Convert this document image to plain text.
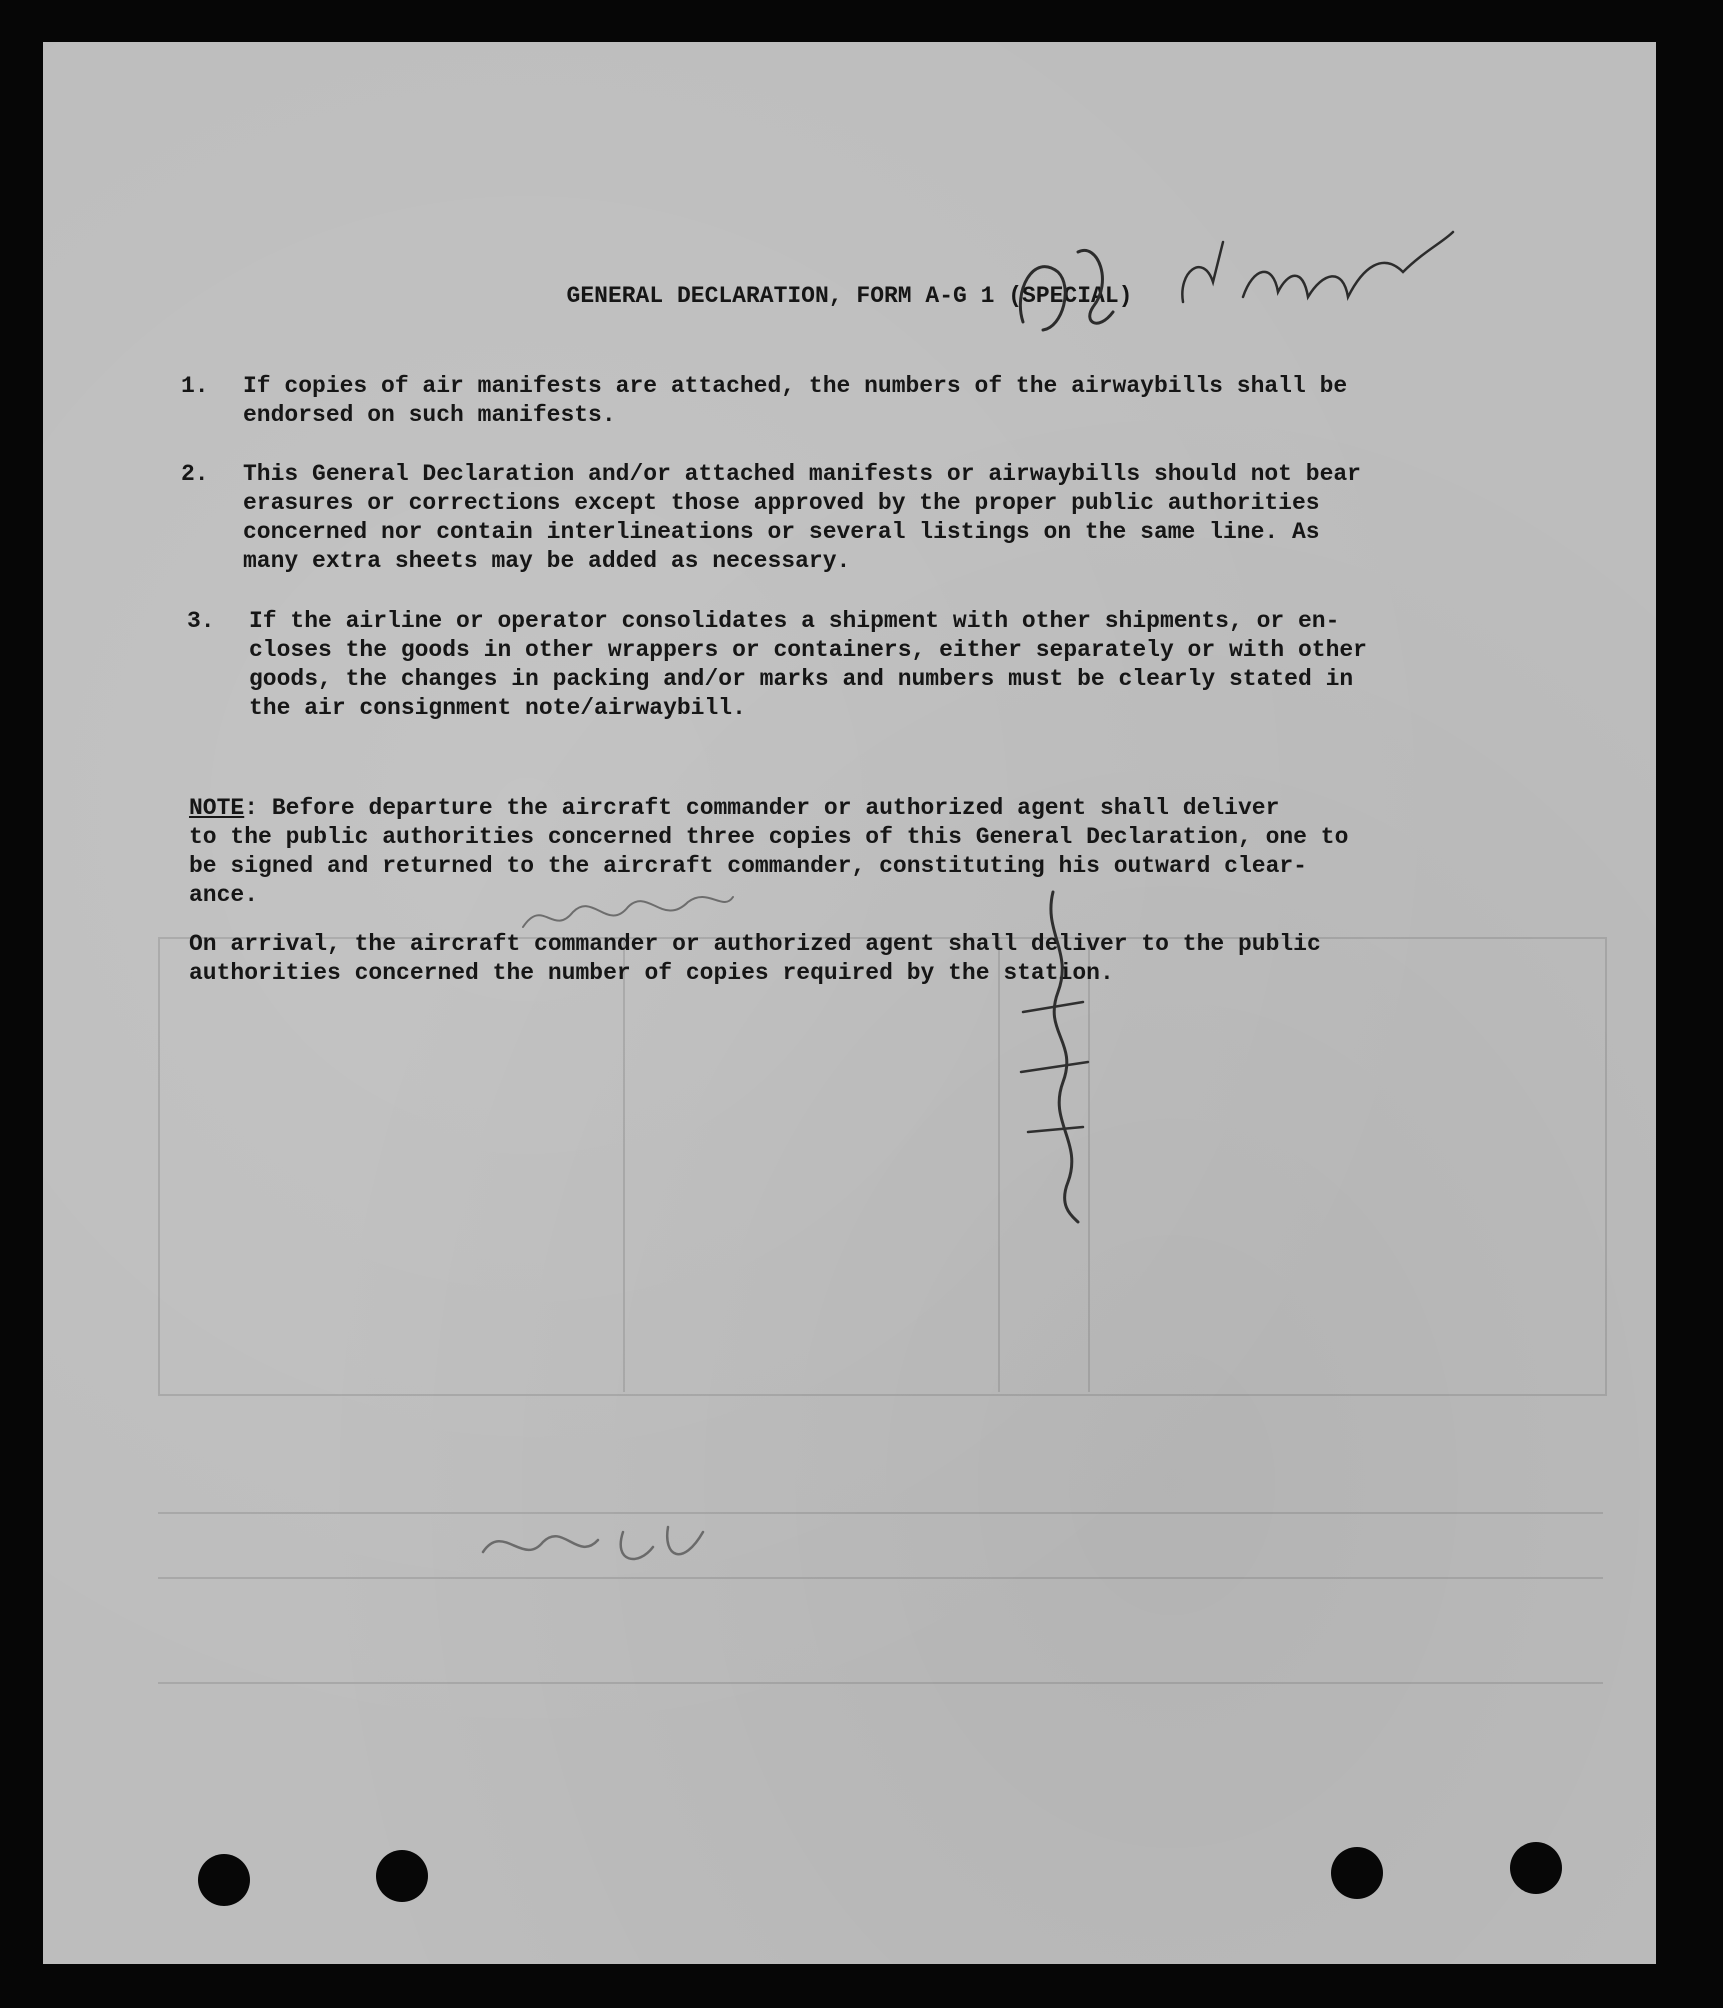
GENERAL DECLARATION, FORM A-G 1 (SPECIAL)

1. If copies of air manifests are attached, the numbers of the airwaybills shall be
endorsed on such manifests.
2. This General Declaration and/or attached manifests or airwaybills should not bear
erasures or corrections except those approved by the proper public authorities
concerned nor contain interlineations or several listings on the same line. As
many extra sheets may be added as necessary.
3. If the airline or operator consolidates a shipment with other shipments, or en-
closes the goods in other wrappers or containers, either separately or with other
goods, the changes in packing and/or marks and numbers must be clearly stated in
the air consignment note/airwaybill.
NOTE: Before departure the aircraft commander or authorized agent shall deliver
to the public authorities concerned three copies of this General Declaration, one to
be signed and returned to the aircraft commander, constituting his outward clear-
ance.
On arrival, the aircraft commander or authorized agent shall deliver to the public
authorities concerned the number of copies required by the station.
